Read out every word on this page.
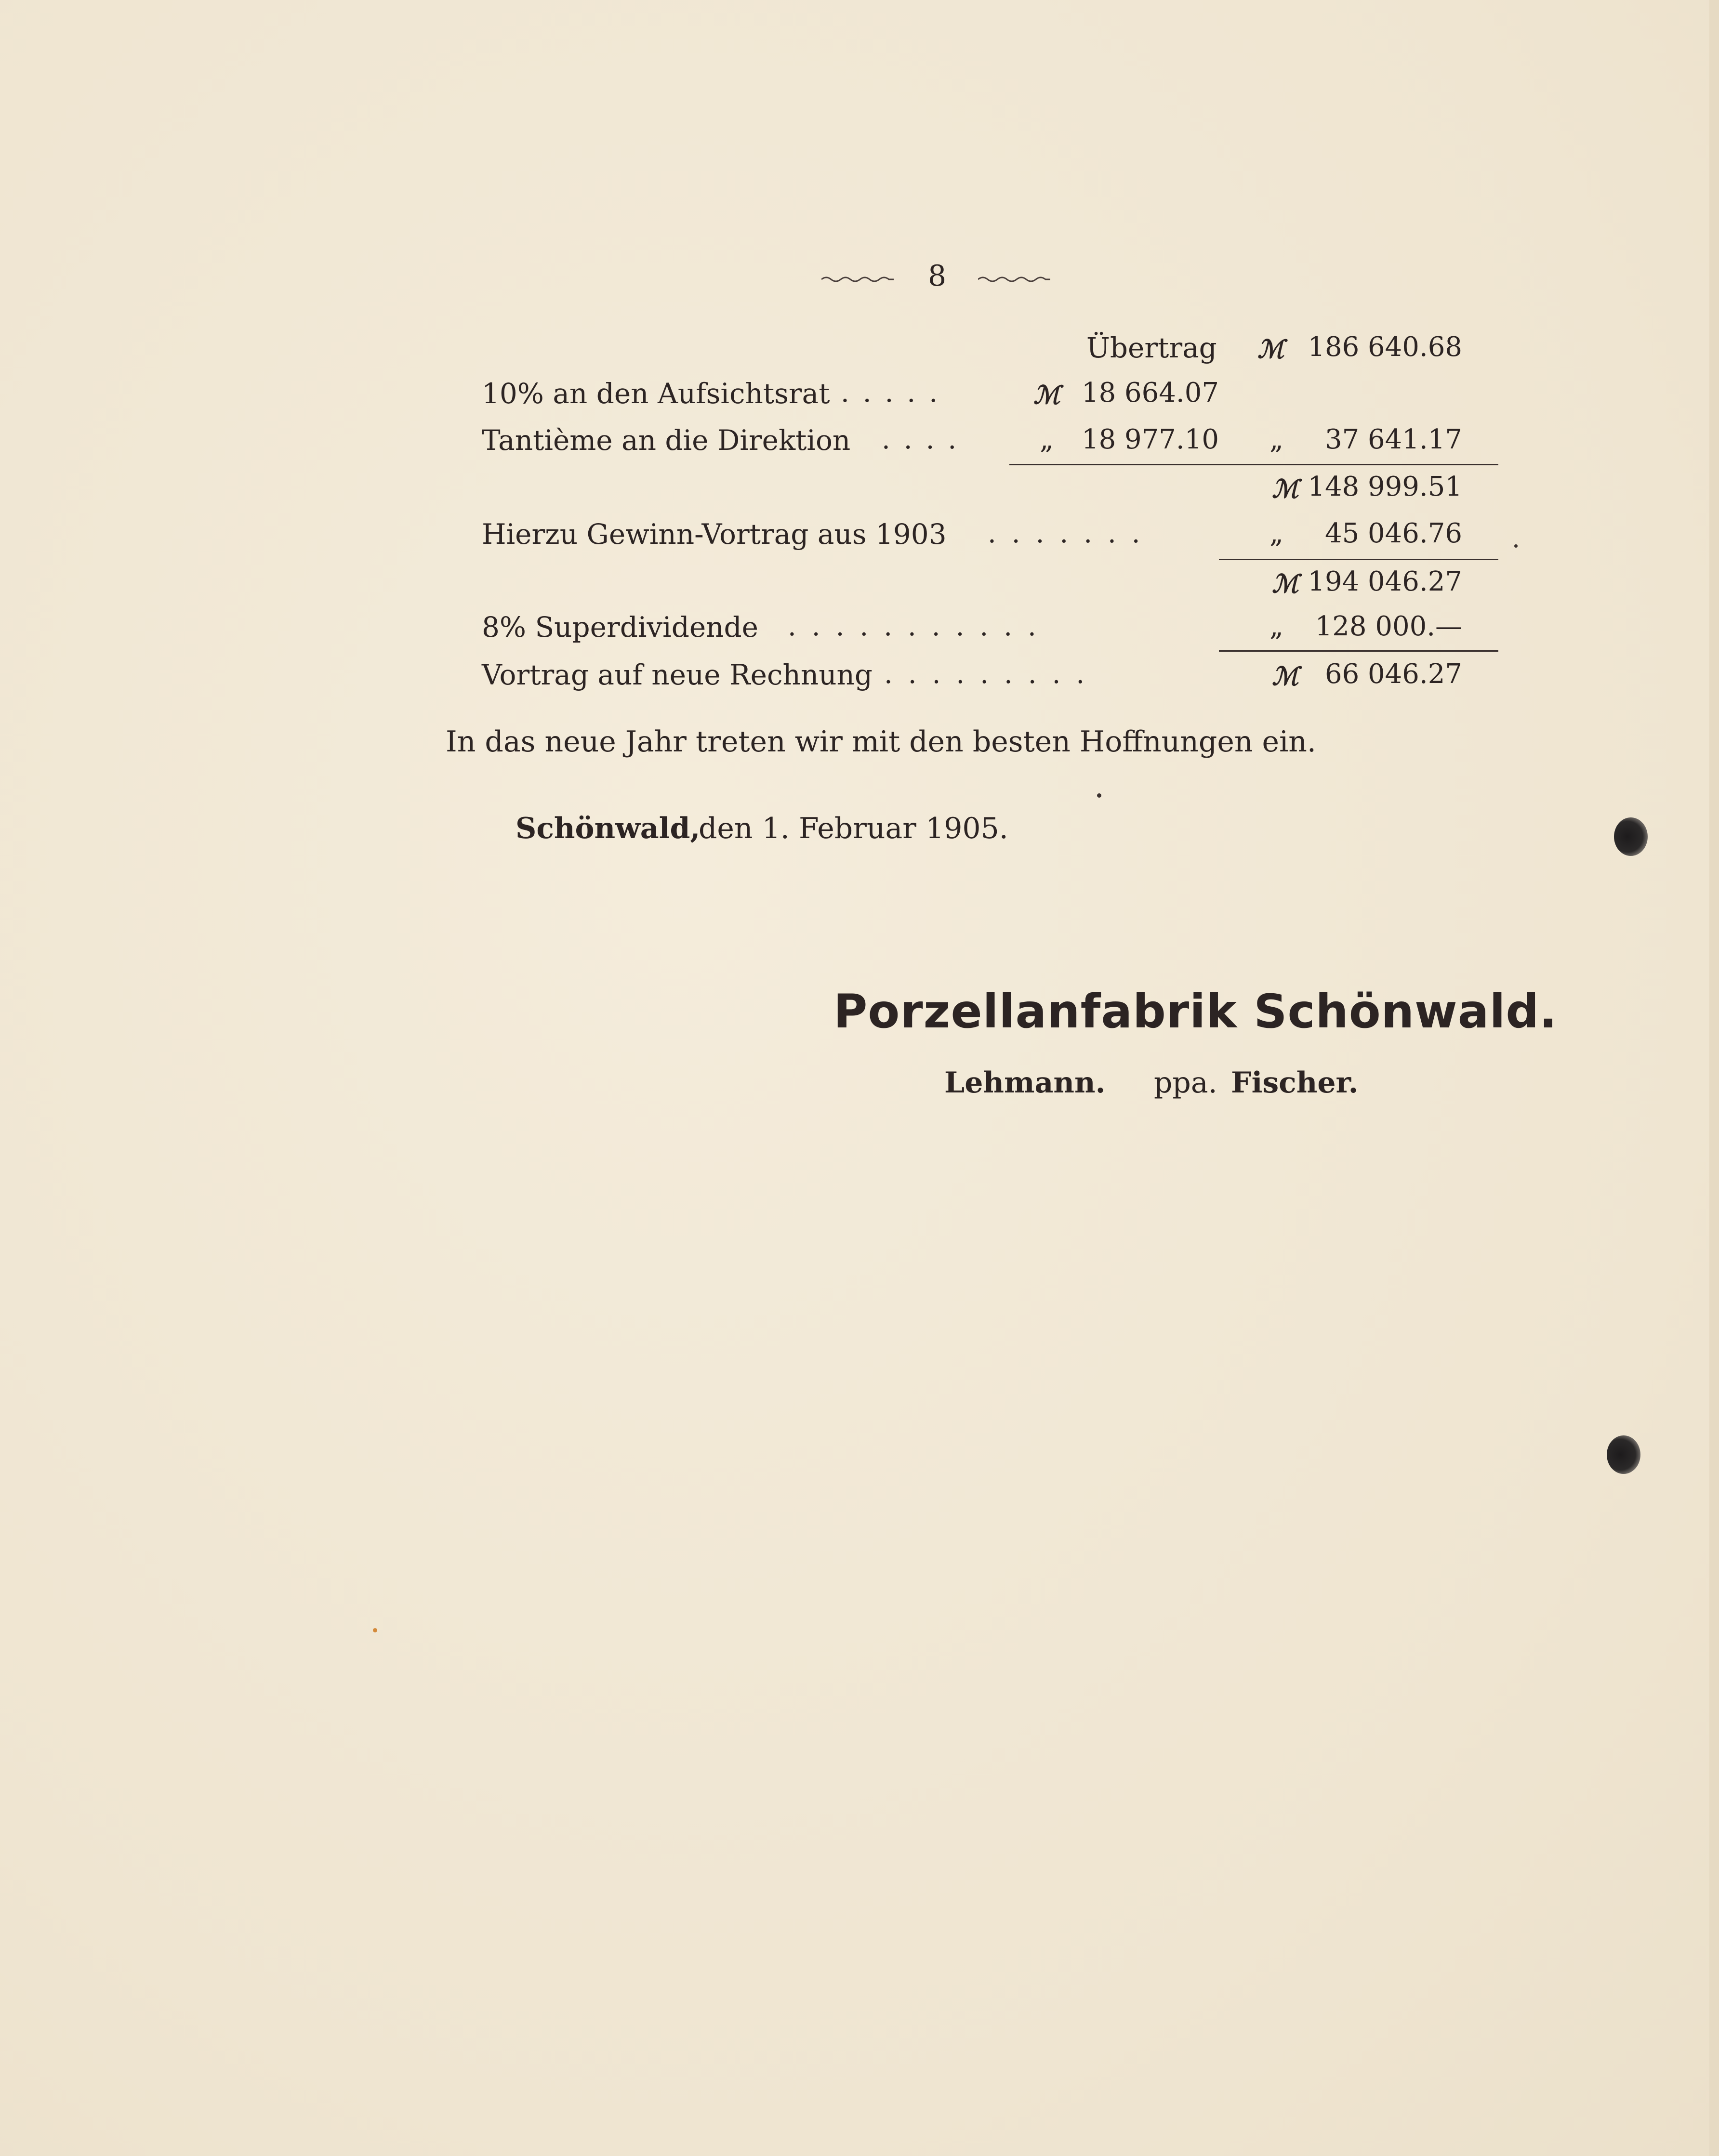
8
Übertrag ℳ 186 640.68
10% an den Aufsichtsrat .....	ℳ 18 664.07
Tantième an die Direktion ....	„	18 977.10 „	37 641.17
ℳ 148 999.51
Hierzu Gewinn-Vortrag aus 1903 .......	„	45 046.76
ℳ 194 046.27
8% Superdividende ...........	„	128 000.—
Vortrag auf neue Rechnung .........	ℳ 66 046.27
In das neue Jahr treten wir mit den besten Hoffnungen ein.
Schönwald,
den 1. Februar 1905.
Porzellanfabrik Schönwald.
Lehmann. ppa. Fischer.
